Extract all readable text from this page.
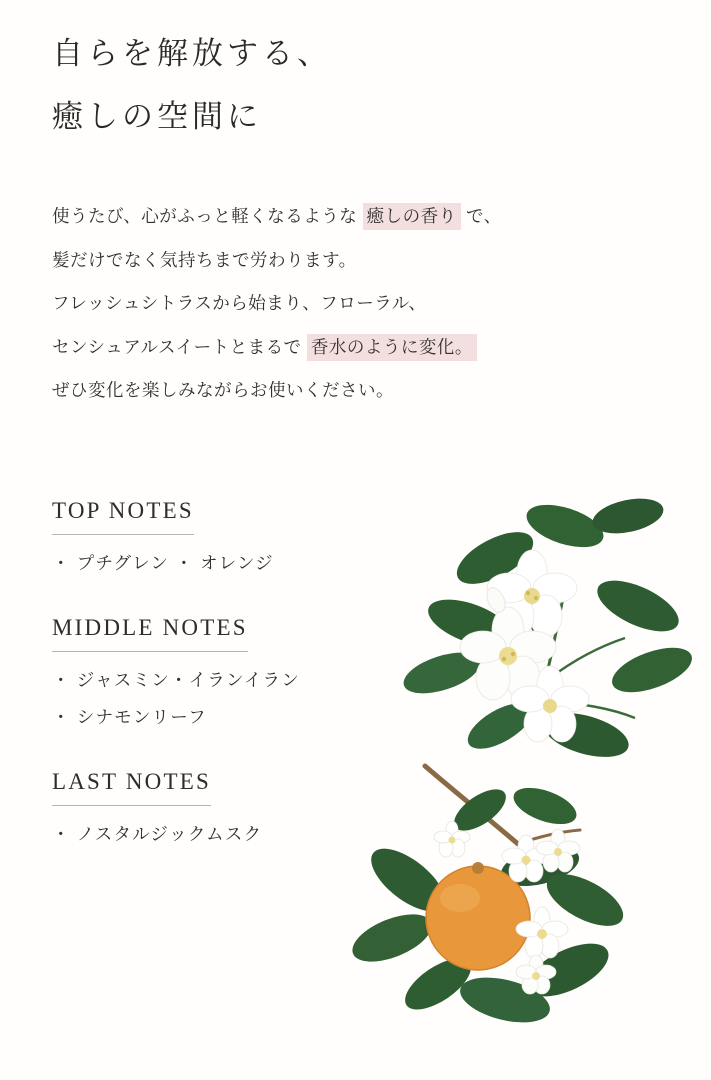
自らを解放する、
癒しの空間に
使うたび、心がふっと軽くなるような 癒しの香り で、
髪だけでなく気持ちまで労わります。
フレッシュシトラスから始まり、フローラル、
センシュアルスイートとまるで 香水のように変化。
ぜひ変化を楽しみながらお使いください。
TOP NOTES
・ プチグレン ・ オレンジ
MIDDLE NOTES
・ ジャスミン・イランイラン
・ シナモンリーフ
LAST NOTES
・ ノスタルジックムスク
